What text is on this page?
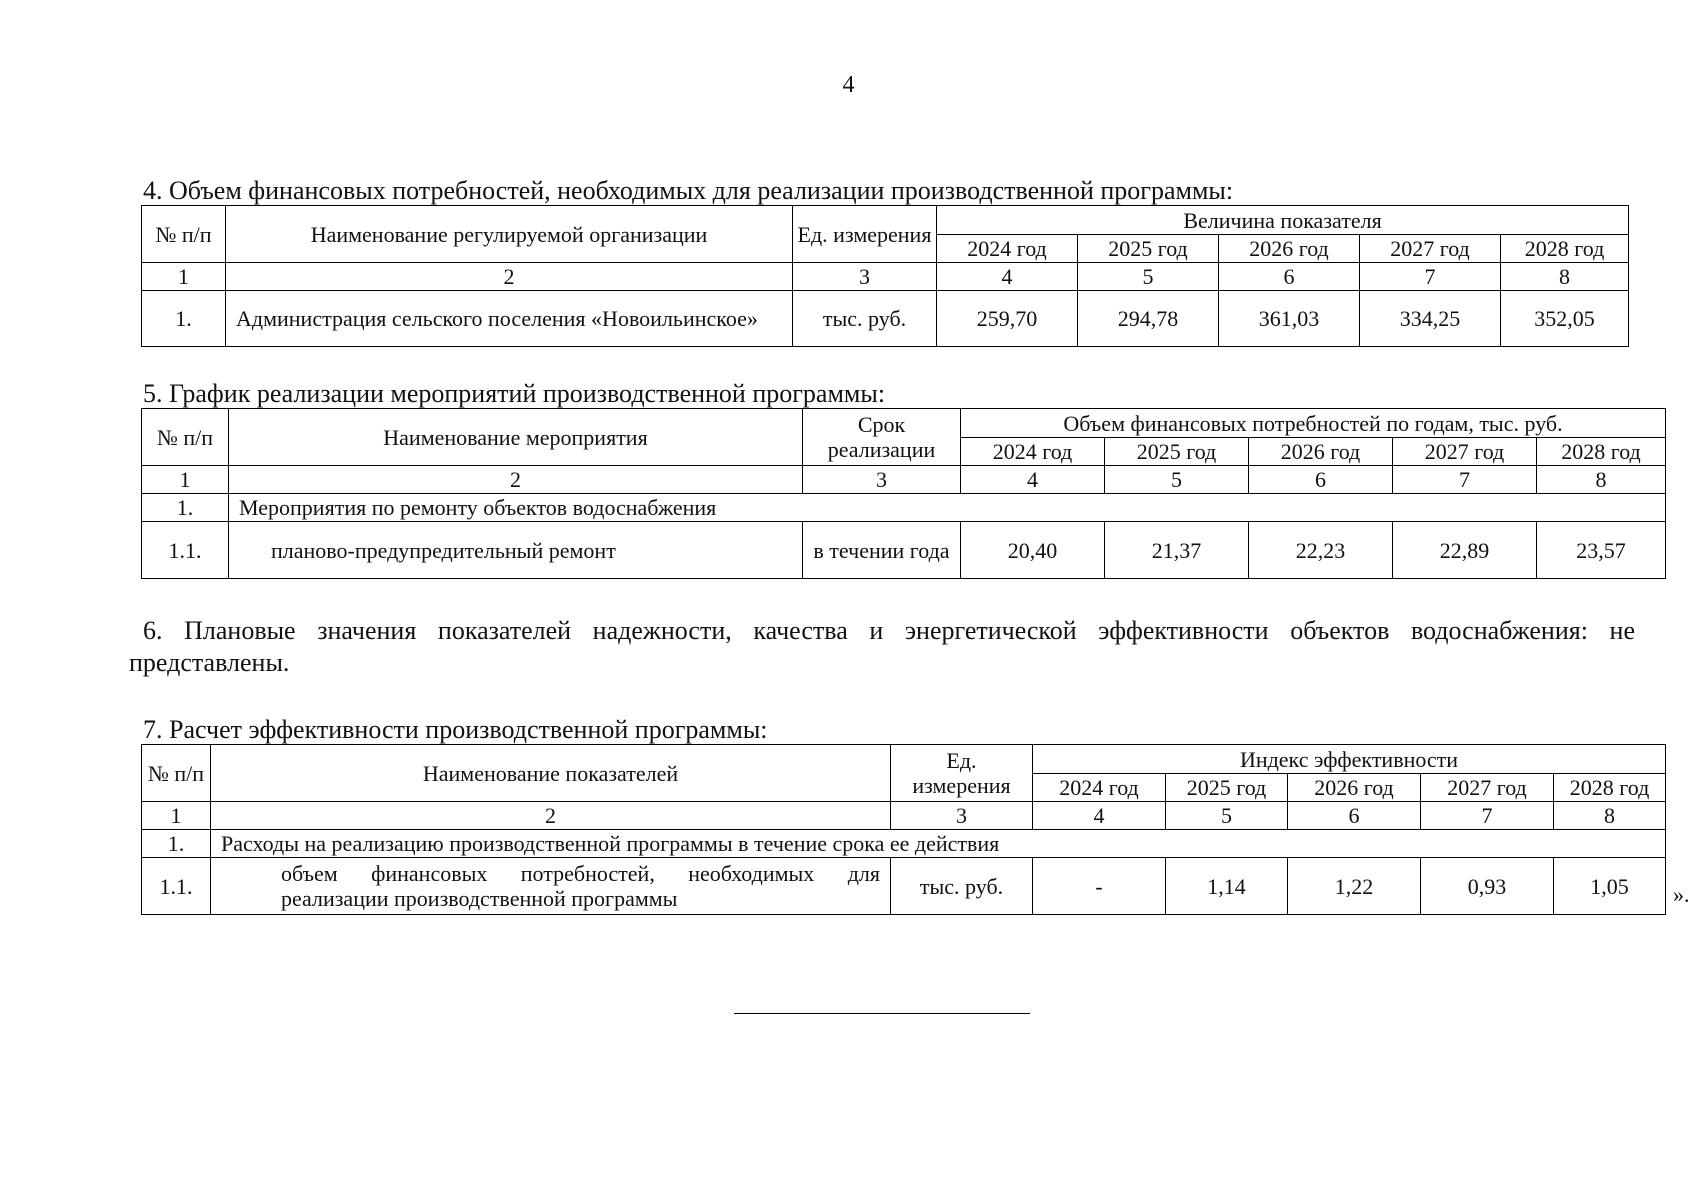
4
4. Объем финансовых потребностей, необходимых для реализации производственной программы:
№ п/п	Наименование регулируемой организации	Ед. измерения	Величина показателя				
			2024 год	2025 год	2026 год	2027 год	2028 год
1	2	3	4	5	6	7	8
1.	Администрация сельского поселения «Новоильинское»	тыс. руб.	259,70	294,78	361,03	334,25	352,05
5. График реализации мероприятий производственной программы:
№ п/п	Наименование мероприятия	Срок реализации	Объем финансовых потребностей по годам, тыс. руб.				
			2024 год	2025 год	2026 год	2027 год	2028 год
1	2	3	4	5	6	7	8
1.	Мероприятия по ремонту объектов водоснабжения						
1.1.	планово-предупредительный ремонт	в течении года	20,40	21,37	22,23	22,89	23,57
6. Плановые значения показателей надежности, качества и энергетической эффективности объектов водоснабжения: не представлены.
7. Расчет эффективности производственной программы:
№ п/п	Наименование показателей	Ед. измерения	Индекс эффективности				
			2024 год	2025 год	2026 год	2027 год	2028 год
1	2	3	4	5	6	7	8
1.	Расходы на реализацию производственной программы в течение срока ее действия						
1.1.	объем финансовых потребностей, необходимых для реализации производственной программы	тыс. руб.	-	1,14	1,22	0,93	1,05 ».
